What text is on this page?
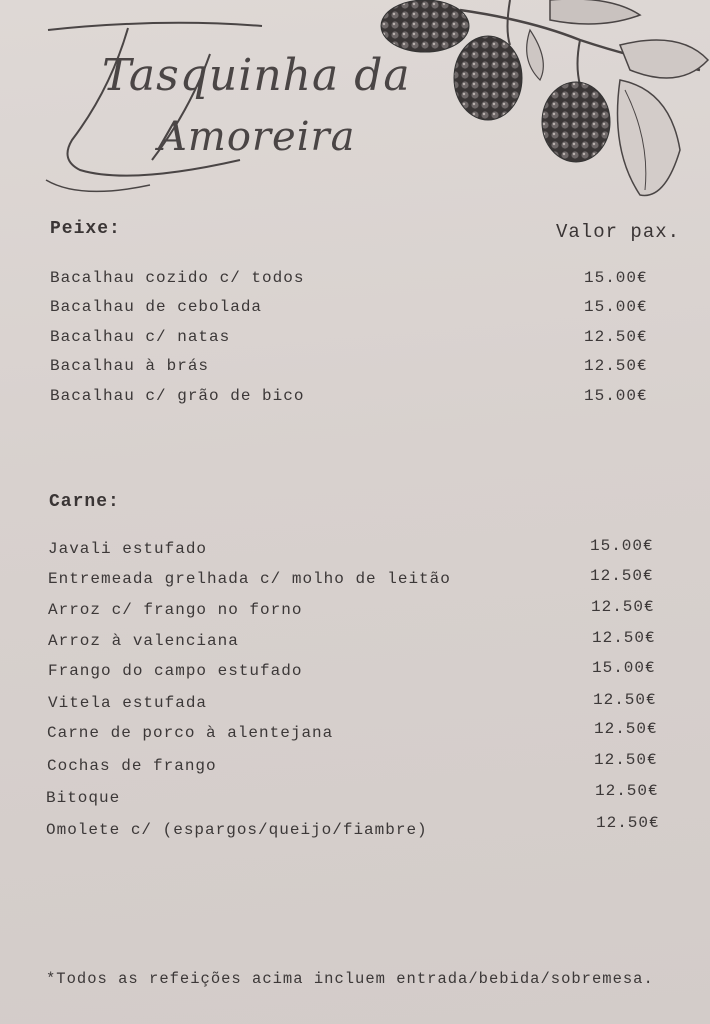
Tasquinha da
Amoreira
Peixe:	Valor pax.
Bacalhau cozido c/ todos	15.00€
Bacalhau de cebolada	15.00€
Bacalhau c/ natas	12.50€
Bacalhau à brás	12.50€
Bacalhau c/ grão de bico	15.00€
Carne:
Javali estufado	15.00€
Entremeada grelhada c/ molho de leitão	12.50€
Arroz c/ frango no forno	12.50€
Arroz à valenciana	12.50€
Frango do campo estufado	15.00€
Vitela estufada	12.50€
Carne de porco à alentejana	12.50€
Cochas de frango	12.50€
Bitoque	12.50€
Omolete c/ (espargos/queijo/fiambre)	12.50€
*Todos as refeições acima incluem entrada/bebida/sobremesa.
